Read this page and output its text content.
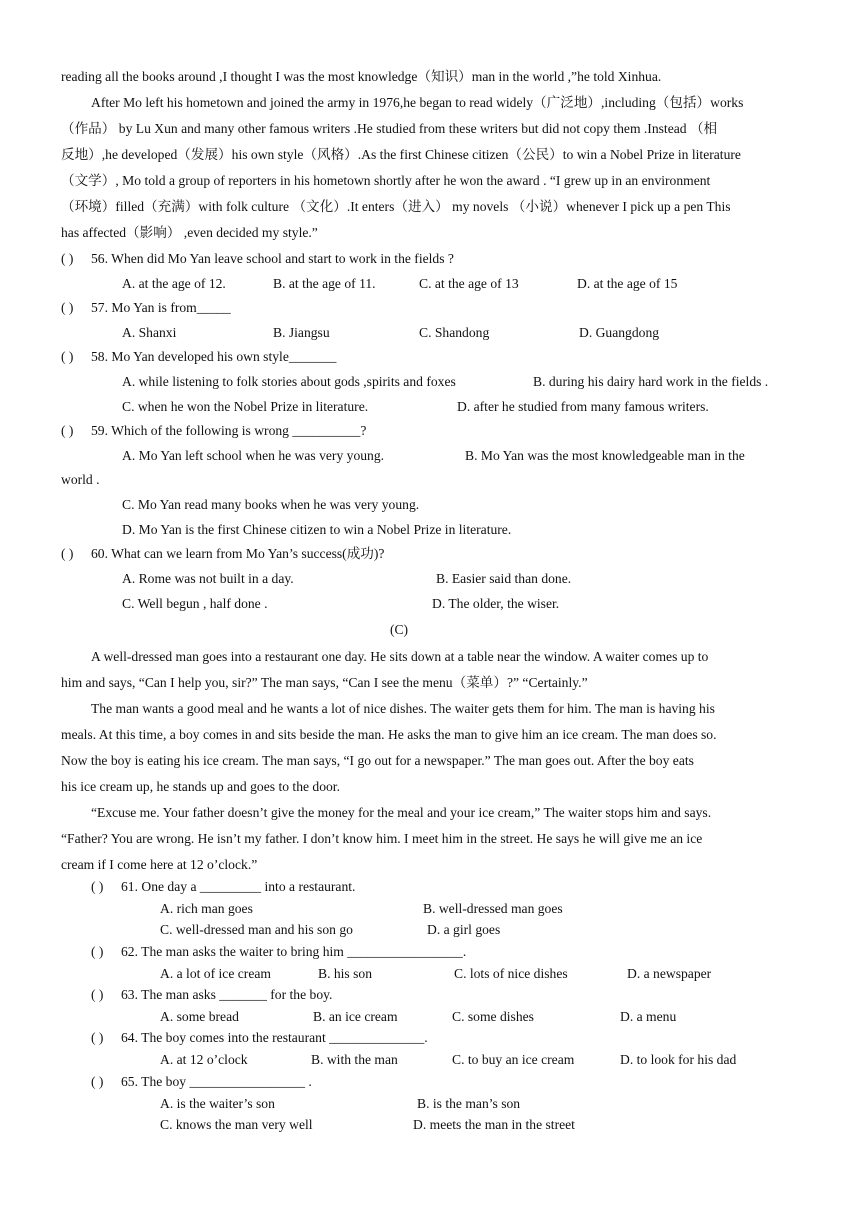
reading all the books around ,I thought I was the most knowledge（知识）man in the world ,”he told Xinhua.
After Mo left his hometown and joined the army in 1976,he began to read widely（广泛地）,including（包括）works
（作品） by Lu Xun and many other famous writers .He studied from these writers but did not copy them .Instead （相
反地）,he developed（发展）his own style（风格）.As the first Chinese citizen（公民）to win a Nobel Prize in literature
（文学）, Mo told a group of reporters in his hometown shortly after he won the award . “I grew up in an environment
（环境）filled（充满）with folk culture （文化）.It enters（进入） my novels （小说）whenever I pick up a pen This
has affected（影响） ,even decided my style.”
( ) 56. When did Mo Yan leave school and start to work in the fields ?
A. at the age of 12.	B. at the age of 11.	C. at the age of 13	D. at the age of 15
( ) 57. Mo Yan is from_____
A. Shanxi	B. Jiangsu	C. Shandong	D. Guangdong
( ) 58. Mo Yan developed his own style_______
A. while listening to folk stories about gods ,spirits and foxes	B. during his dairy hard work in the fields .
C. when he won the Nobel Prize in literature.	D. after he studied from many famous writers.
( ) 59. Which of the following is wrong __________?
A. Mo Yan left school when he was very young.	B. Mo Yan was the most knowledgeable man in the
world .
C. Mo Yan read many books when he was very young.
D. Mo Yan is the first Chinese citizen to win a Nobel Prize in literature.
( ) 60. What can we learn from Mo Yan’s success(成功)?
A. Rome was not built in a day.	B. Easier said than done.
C. Well begun , half done .	D. The older, the wiser.
(C)
A well-dressed man goes into a restaurant one day. He sits down at a table near the window. A waiter comes up to
him and says, “Can I help you, sir?” The man says, “Can I see the menu（菜单）?” “Certainly.”
The man wants a good meal and he wants a lot of nice dishes. The waiter gets them for him. The man is having his
meals. At this time, a boy comes in and sits beside the man. He asks the man to give him an ice cream. The man does so.
Now the boy is eating his ice cream. The man says, “I go out for a newspaper.” The man goes out. After the boy eats
his ice cream up, he stands up and goes to the door.
“Excuse me. Your father doesn’t give the money for the meal and your ice cream,” The waiter stops him and says.
“Father? You are wrong. He isn’t my father. I don’t know him. I meet him in the street. He says he will give me an ice
cream if I come here at 12 o’clock.”
( ) 61. One day a _________ into a restaurant.
A. rich man goes	B. well-dressed man goes
C. well-dressed man and his son go	D. a girl goes
( ) 62. The man asks the waiter to bring him _________________.
A. a lot of ice cream	B. his son	C. lots of nice dishes	D. a newspaper
( ) 63. The man asks _______ for the boy.
A. some bread	B. an ice cream	C. some dishes	D. a menu
( ) 64. The boy comes into the restaurant ______________.
A. at 12 o’clock	B. with the man	C. to buy an ice cream	D. to look for his dad
( ) 65. The boy _________________ .
A. is the waiter’s son	B. is the man’s son
C. knows the man very well	D. meets the man in the street
